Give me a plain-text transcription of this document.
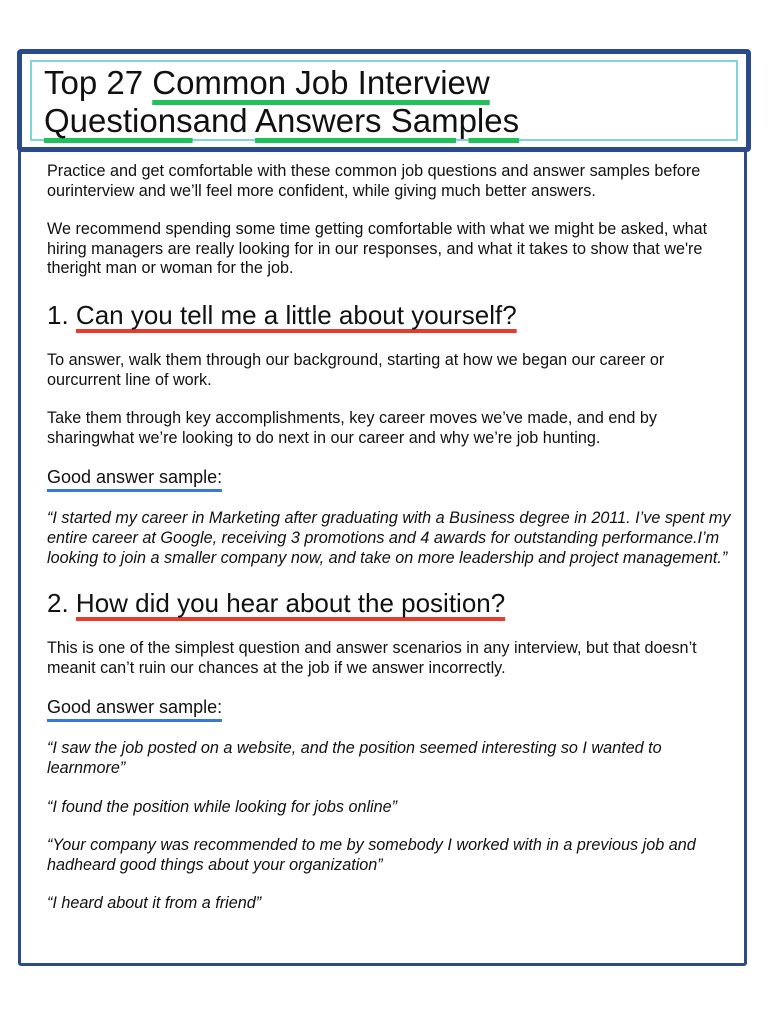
Top 27 Common Job Interview
Questionsand Answers Samples

Practice and get comfortable with these common job questions and answer samples before ourinterview and we’ll feel more confident, while giving much better answers.

We recommend spending some time getting comfortable with what we might be asked, what hiring managers are really looking for in our responses, and what it takes to show that we're theright man or woman for the job.

1. Can you tell me a little about yourself?

To answer, walk them through our background, starting at how we began our career or ourcurrent line of work.

Take them through key accomplishments, key career moves we’ve made, and end by sharingwhat we’re looking to do next in our career and why we’re job hunting.

Good answer sample:

“I started my career in Marketing after graduating with a Business degree in 2011. I’ve spent my entire career at Google, receiving 3 promotions and 4 awards for outstanding performance.I’m looking to join a smaller company now, and take on more leadership and project management.”

2. How did you hear about the position?

This is one of the simplest question and answer scenarios in any interview, but that doesn’t meanit can’t ruin our chances at the job if we answer incorrectly.

Good answer sample:

“I saw the job posted on a website, and the position seemed interesting so I wanted to learnmore”

“I found the position while looking for jobs online”

“Your company was recommended to me by somebody I worked with in a previous job and hadheard good things about your organization”

“I heard about it from a friend”
